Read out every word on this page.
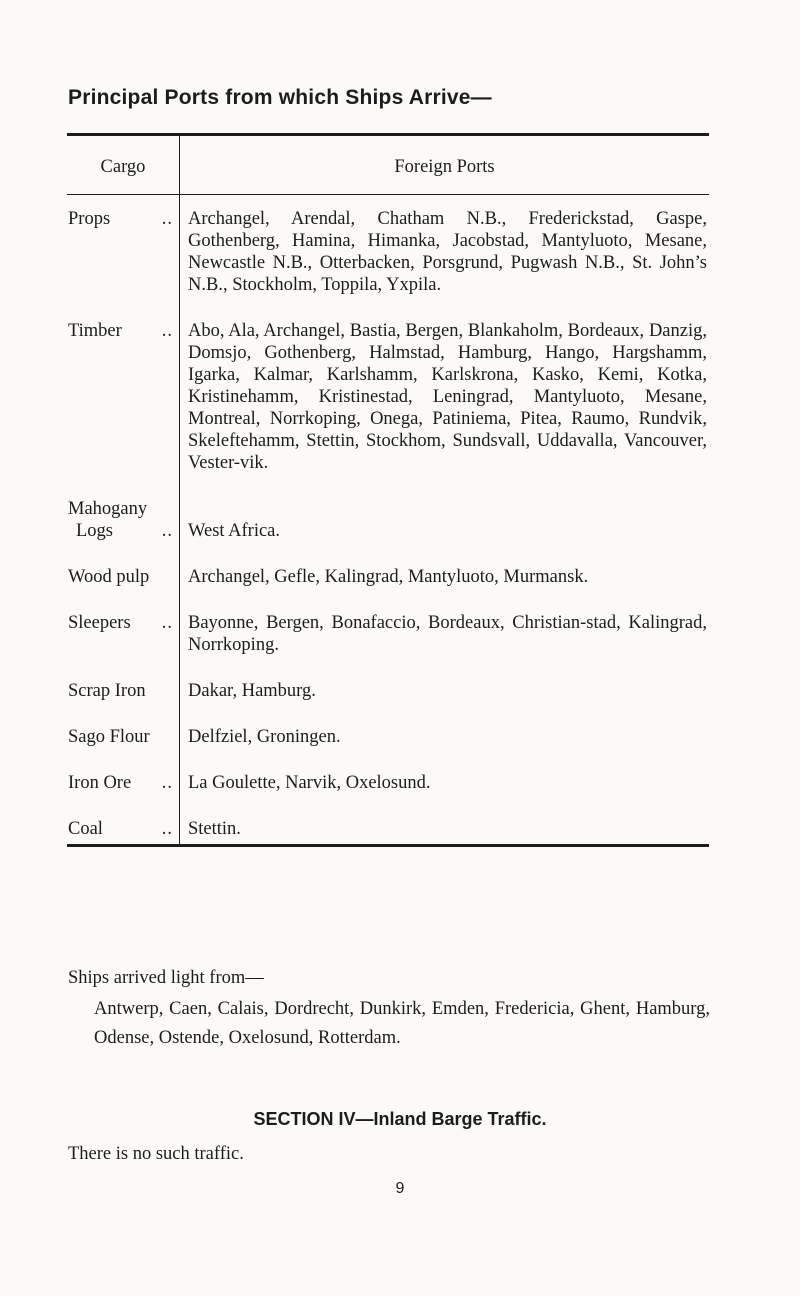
Principal Ports from which Ships Arrive—
Cargo	Foreign Ports

Props ..	Archangel, Arendal, Chatham N.B., Frederickstad, Gaspe, Gothenberg, Hamina, Himanka, Jacobstad, Mantyluoto, Mesane, Newcastle N.B., Otterbacken, Porsgrund, Pugwash N.B., St. John’s N.B., Stockholm, Toppila, Yxpila.

Timber ..	Abo, Ala, Archangel, Bastia, Bergen, Blankaholm, Bordeaux, Danzig, Domsjo, Gothenberg, Halmstad, Hamburg, Hango, Hargshamm, Igarka, Kalmar, Karlshamm, Karlskrona, Kasko, Kemi, Kotka, Kristinehamm, Kristinestad, Leningrad, Mantyluoto, Mesane, Montreal, Norrkoping, Onega, Patiniema, Pitea, Raumo, Rundvik, Skeleftehamm, Stettin, Stockhom, Sundsvall, Uddavalla, Vancouver, Vester-vik.

Mahogany
Logs ..	West Africa.

Wood pulp	Archangel, Gefle, Kalingrad, Mantyluoto, Murmansk.

Sleepers ..	Bayonne, Bergen, Bonafaccio, Bordeaux, Christian-stad, Kalingrad, Norrkoping.

Scrap Iron	Dakar, Hamburg.

Sago Flour	Delfziel, Groningen.

Iron Ore ..	La Goulette, Narvik, Oxelosund.

Coal ..	Stettin.
Ships arrived light from—
Antwerp, Caen, Calais, Dordrecht, Dunkirk, Emden, Fredericia, Ghent, Hamburg, Odense, Ostende, Oxelosund, Rotterdam.
SECTION IV—Inland Barge Traffic.
There is no such traffic.
9
